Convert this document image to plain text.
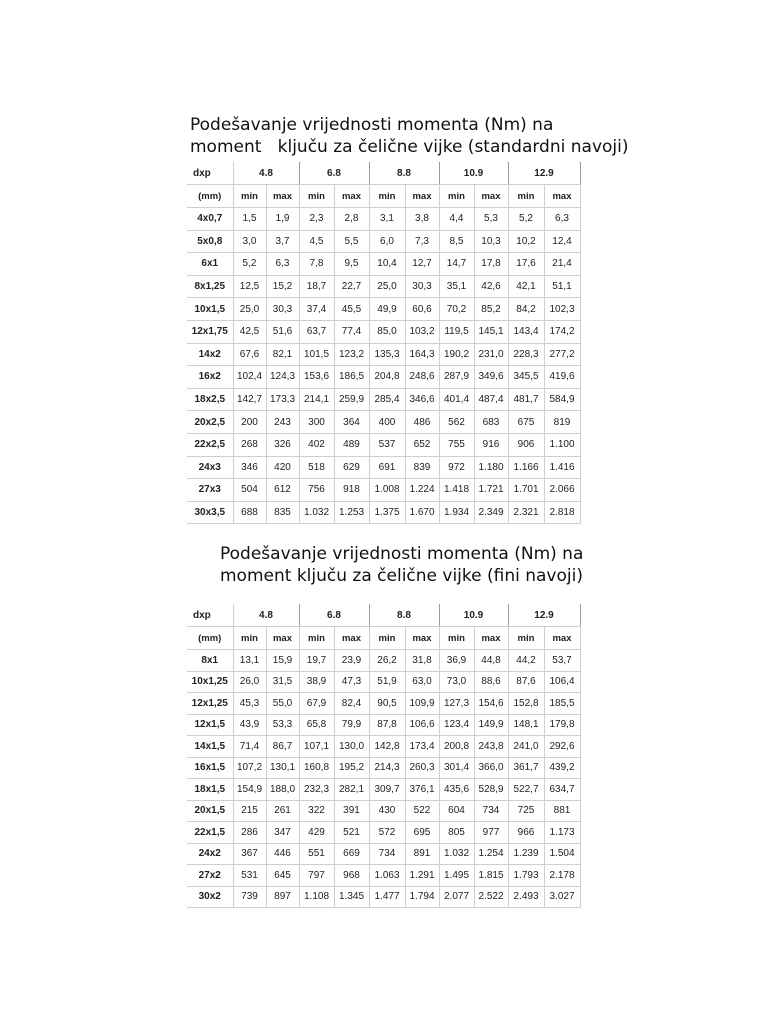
Podešavanje vrijednosti momenta (Nm) na
moment   ključu za čelične vijke (standardni navoji)
dxp	4.8		6.8		8.8		10.9		12.9	
(mm)	min	max	min	max	min	max	min	max	min	max
4x0,7	1,5	1,9	2,3	2,8	3,1	3,8	4,4	5,3	5,2	6,3
5x0,8	3,0	3,7	4,5	5,5	6,0	7,3	8,5	10,3	10,2	12,4
6x1	5,2	6,3	7,8	9,5	10,4	12,7	14,7	17,8	17,6	21,4
8x1,25	12,5	15,2	18,7	22,7	25,0	30,3	35,1	42,6	42,1	51,1
10x1,5	25,0	30,3	37,4	45,5	49,9	60,6	70,2	85,2	84,2	102,3
12x1,75	42,5	51,6	63,7	77,4	85,0	103,2	119,5	145,1	143,4	174,2
14x2	67,6	82,1	101,5	123,2	135,3	164,3	190,2	231,0	228,3	277,2
16x2	102,4	124,3	153,6	186,5	204,8	248,6	287,9	349,6	345,5	419,6
18x2,5	142,7	173,3	214,1	259,9	285,4	346,6	401,4	487,4	481,7	584,9
20x2,5	200	243	300	364	400	486	562	683	675	819
22x2,5	268	326	402	489	537	652	755	916	906	1.100
24x3	346	420	518	629	691	839	972	1.180	1.166	1.416
27x3	504	612	756	918	1.008	1.224	1.418	1.721	1.701	2.066
30x3,5	688	835	1.032	1.253	1.375	1.670	1.934	2.349	2.321	2.818
Podešavanje vrijednosti momenta (Nm) na
moment ključu za čelične vijke (fini navoji)
dxp	4.8		6.8		8.8		10.9		12.9	
(mm)	min	max	min	max	min	max	min	max	min	max
8x1	13,1	15,9	19,7	23,9	26,2	31,8	36,9	44,8	44,2	53,7
10x1,25	26,0	31,5	38,9	47,3	51,9	63,0	73,0	88,6	87,6	106,4
12x1,25	45,3	55,0	67,9	82,4	90,5	109,9	127,3	154,6	152,8	185,5
12x1,5	43,9	53,3	65,8	79,9	87,8	106,6	123,4	149,9	148,1	179,8
14x1,5	71,4	86,7	107,1	130,0	142,8	173,4	200,8	243,8	241,0	292,6
16x1,5	107,2	130,1	160,8	195,2	214,3	260,3	301,4	366,0	361,7	439,2
18x1,5	154,9	188,0	232,3	282,1	309,7	376,1	435,6	528,9	522,7	634,7
20x1,5	215	261	322	391	430	522	604	734	725	881
22x1,5	286	347	429	521	572	695	805	977	966	1.173
24x2	367	446	551	669	734	891	1.032	1.254	1.239	1.504
27x2	531	645	797	968	1.063	1.291	1.495	1.815	1.793	2.178
30x2	739	897	1.108	1.345	1.477	1.794	2.077	2.522	2.493	3.027
